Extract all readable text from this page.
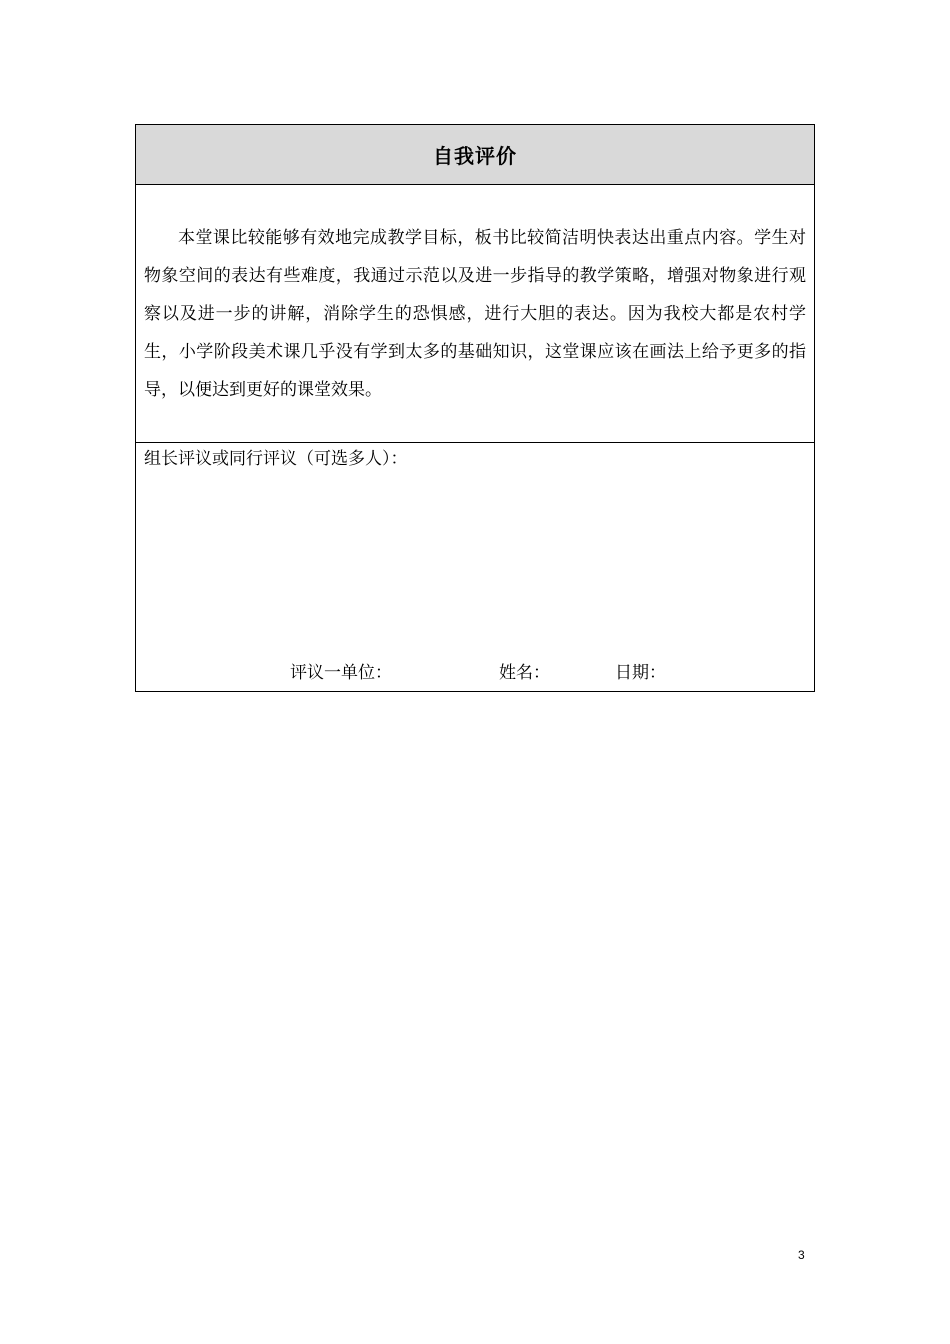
自我评价

本堂课比较能够有效地完成教学目标，板书比较简洁明快表达出重点内容。学生对物象空间的表达有些难度，我通过示范以及进一步指导的教学策略，增强对物象进行观察以及进一步的讲解，消除学生的恐惧感，进行大胆的表达。因为我校大都是农村学生，小学阶段美术课几乎没有学到太多的基础知识，这堂课应该在画法上给予更多的指导，以便达到更好的课堂效果。

组长评议或同行评议（可选多人）：
评议一单位：	姓名：	日期：
3
